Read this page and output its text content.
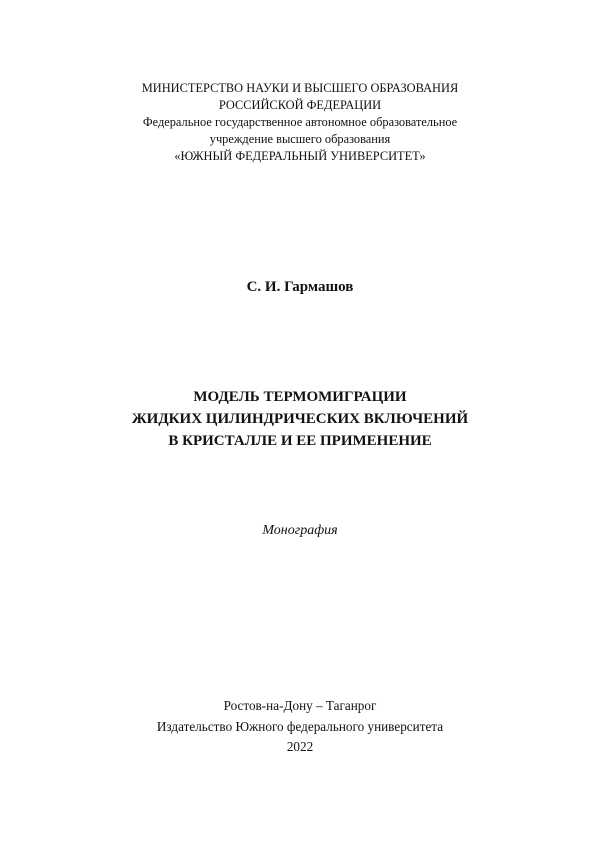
МИНИСТЕРСТВО НАУКИ И ВЫСШЕГО ОБРАЗОВАНИЯ
РОССИЙСКОЙ ФЕДЕРАЦИИ
Федеральное государственное автономное образовательное
учреждение высшего образования
«ЮЖНЫЙ ФЕДЕРАЛЬНЫЙ УНИВЕРСИТЕТ»
С. И. Гармашов
МОДЕЛЬ ТЕРМОМИГРАЦИИ
ЖИДКИХ ЦИЛИНДРИЧЕСКИХ ВКЛЮЧЕНИЙ
В КРИСТАЛЛЕ И ЕЕ ПРИМЕНЕНИЕ
Монография
Ростов-на-Дону – Таганрог
Издательство Южного федерального университета
2022
